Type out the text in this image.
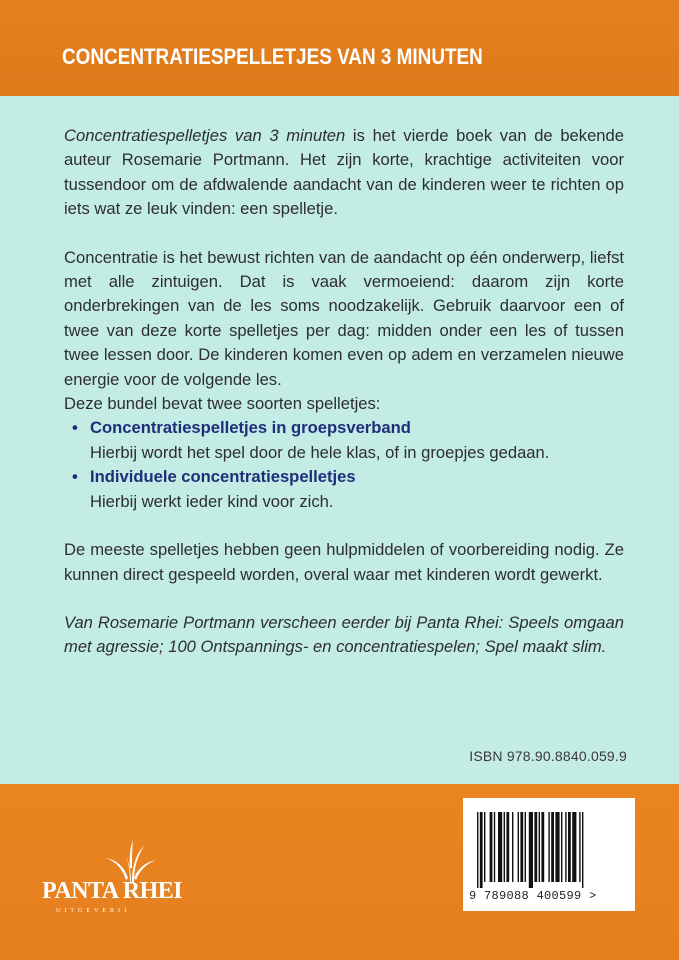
CONCENTRATIESPELLETJES VAN 3 MINUTEN

Concentratiespelletjes van 3 minuten is het vierde boek van de bekende auteur Rosemarie Portmann. Het zijn korte, krachtige activiteiten voor tussendoor om de afdwalende aandacht van de kinderen weer te richten op iets wat ze leuk vinden: een spelletje.

Concentratie is het bewust richten van de aandacht op één onderwerp, liefst met alle zintuigen. Dat is vaak vermoeiend: daarom zijn korte onderbrekingen van de les soms noodzakelijk. Gebruik daarvoor een of twee van deze korte spelletjes per dag: midden onder een les of tussen twee lessen door. De kinderen komen even op adem en verzamelen nieuwe energie voor de volgende les.

Deze bundel bevat twee soorten spelletjes:

• Concentratiespelletjes in groepsverband
Hierbij wordt het spel door de hele klas, of in groepjes gedaan.
• Individuele concentratiespelletjes
Hierbij werkt ieder kind voor zich.

De meeste spelletjes hebben geen hulpmiddelen of voorbereiding nodig. Ze kunnen direct gespeeld worden, overal waar met kinderen wordt gewerkt.

Van Rosemarie Portmann verscheen eerder bij Panta Rhei: Speels omgaan met agressie; 100 Ontspannings- en concentratiespelen; Spel maakt slim.

ISBN 978.90.8840.059.9
PANTA RHEI
UITGEVERIJ
9 789088 400599 >
